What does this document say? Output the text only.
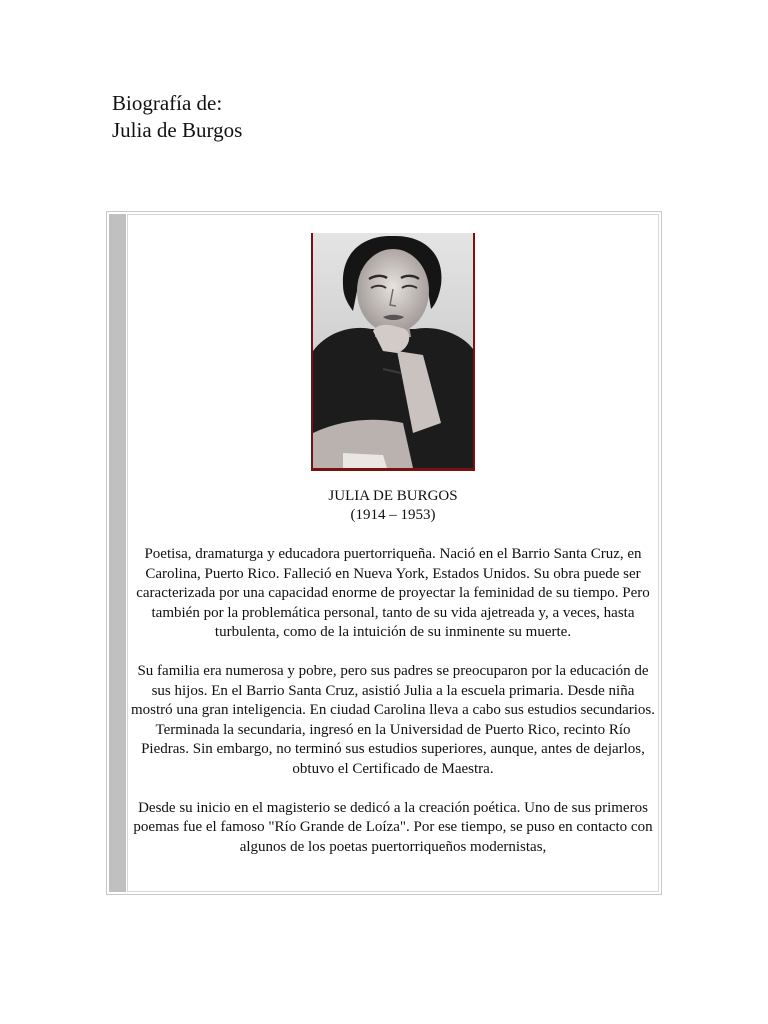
Biografía de:
Julia de Burgos
JULIA DE BURGOS
(1914 – 1953)

Poetisa, dramaturga y educadora puertorriqueña. Nació en el Barrio Santa Cruz, en Carolina, Puerto Rico. Falleció en Nueva York, Estados Unidos. Su obra puede ser caracterizada por una capacidad enorme de proyectar la feminidad de su tiempo. Pero también por la problemática personal, tanto de su vida ajetreada y, a veces, hasta turbulenta, como de la intuición de su inminente su muerte.

Su familia era numerosa y pobre, pero sus padres se preocuparon por la educación de sus hijos. En el Barrio Santa Cruz, asistió Julia a la escuela primaria. Desde niña mostró una gran inteligencia. En ciudad Carolina lleva a cabo sus estudios secundarios. Terminada la secundaria, ingresó en la Universidad de Puerto Rico, recinto Río Piedras. Sin embargo, no terminó sus estudios superiores, aunque, antes de dejarlos, obtuvo el Certificado de Maestra.

Desde su inicio en el magisterio se dedicó a la creación poética. Uno de sus primeros poemas fue el famoso "Río Grande de Loíza". Por ese tiempo, se puso en contacto con algunos de los poetas puertorriqueños modernistas,
